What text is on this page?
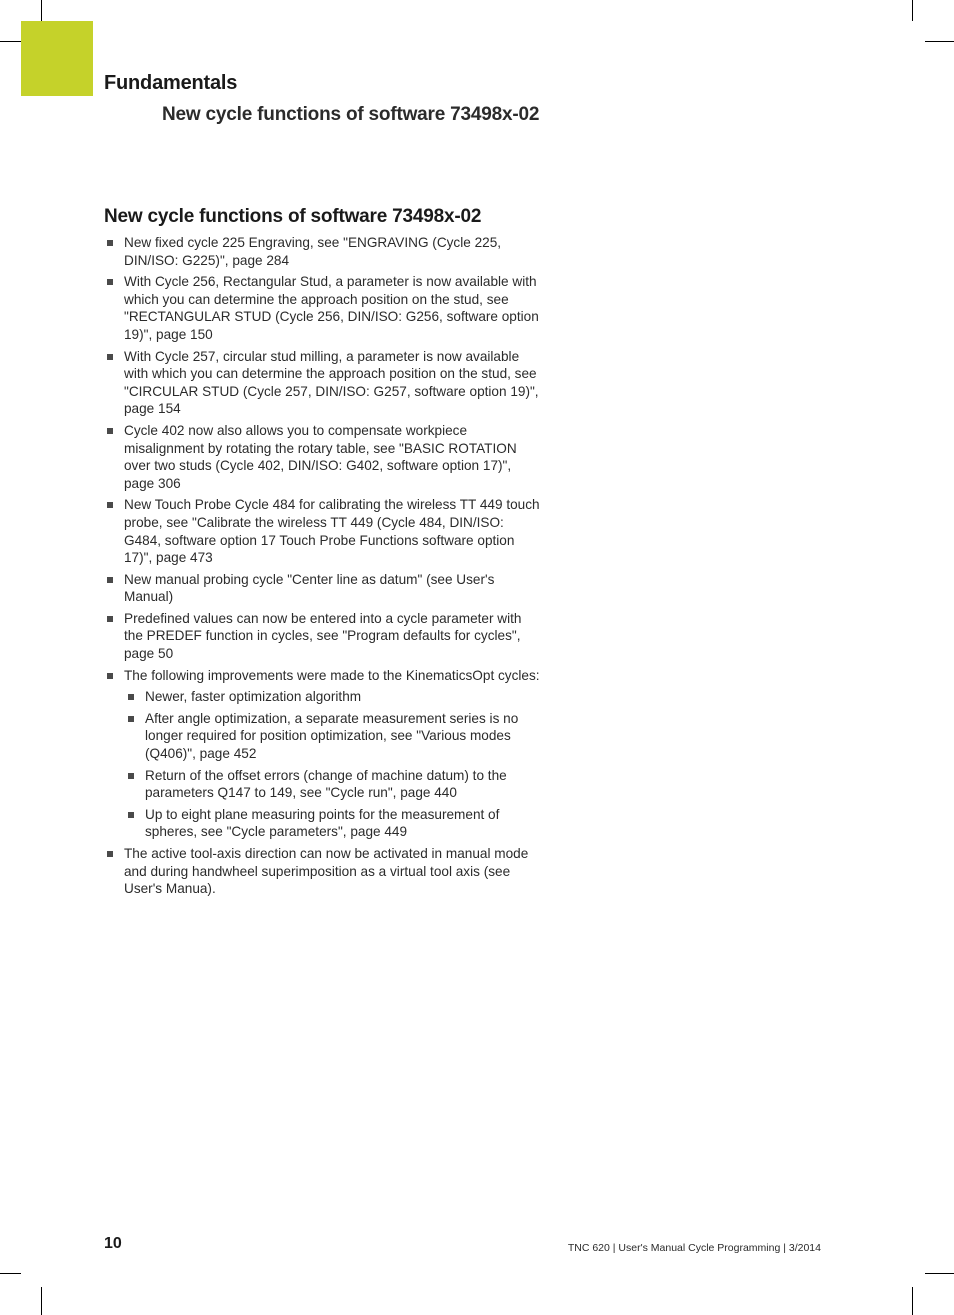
Fundamentals
New cycle functions of software 73498x-02
New cycle functions of software 73498x-02
New fixed cycle 225 Engraving, see "ENGRAVING (Cycle 225, DIN/ISO: G225)", page 284
With Cycle 256, Rectangular Stud, a parameter is now available with which you can determine the approach position on the stud, see "RECTANGULAR STUD (Cycle 256, DIN/ISO: G256, software option 19)", page 150
With Cycle 257, circular stud milling, a parameter is now available with which you can determine the approach position on the stud, see "CIRCULAR STUD (Cycle 257, DIN/ISO: G257, software option 19)", page 154
Cycle 402 now also allows you to compensate workpiece misalignment by rotating the rotary table, see "BASIC ROTATION over two studs (Cycle 402, DIN/ISO: G402, software option 17)", page 306
New Touch Probe Cycle 484 for calibrating the wireless TT 449 touch probe, see "Calibrate the wireless TT 449 (Cycle 484, DIN/ISO: G484, software option 17 Touch Probe Functions software option 17)", page 473
New manual probing cycle "Center line as datum" (see User's Manual)
Predefined values can now be entered into a cycle parameter with the PREDEF function in cycles, see "Program defaults for cycles", page 50
The following improvements were made to the KinematicsOpt cycles:
Newer, faster optimization algorithm
After angle optimization, a separate measurement series is no longer required for position optimization, see "Various modes (Q406)", page 452
Return of the offset errors (change of machine datum) to the parameters Q147 to 149, see "Cycle run", page 440
Up to eight plane measuring points for the measurement of spheres, see "Cycle parameters", page 449
The active tool-axis direction can now be activated in manual mode and during handwheel superimposition as a virtual tool axis (see User's Manua).
10	TNC 620 | User's Manual Cycle Programming | 3/2014
